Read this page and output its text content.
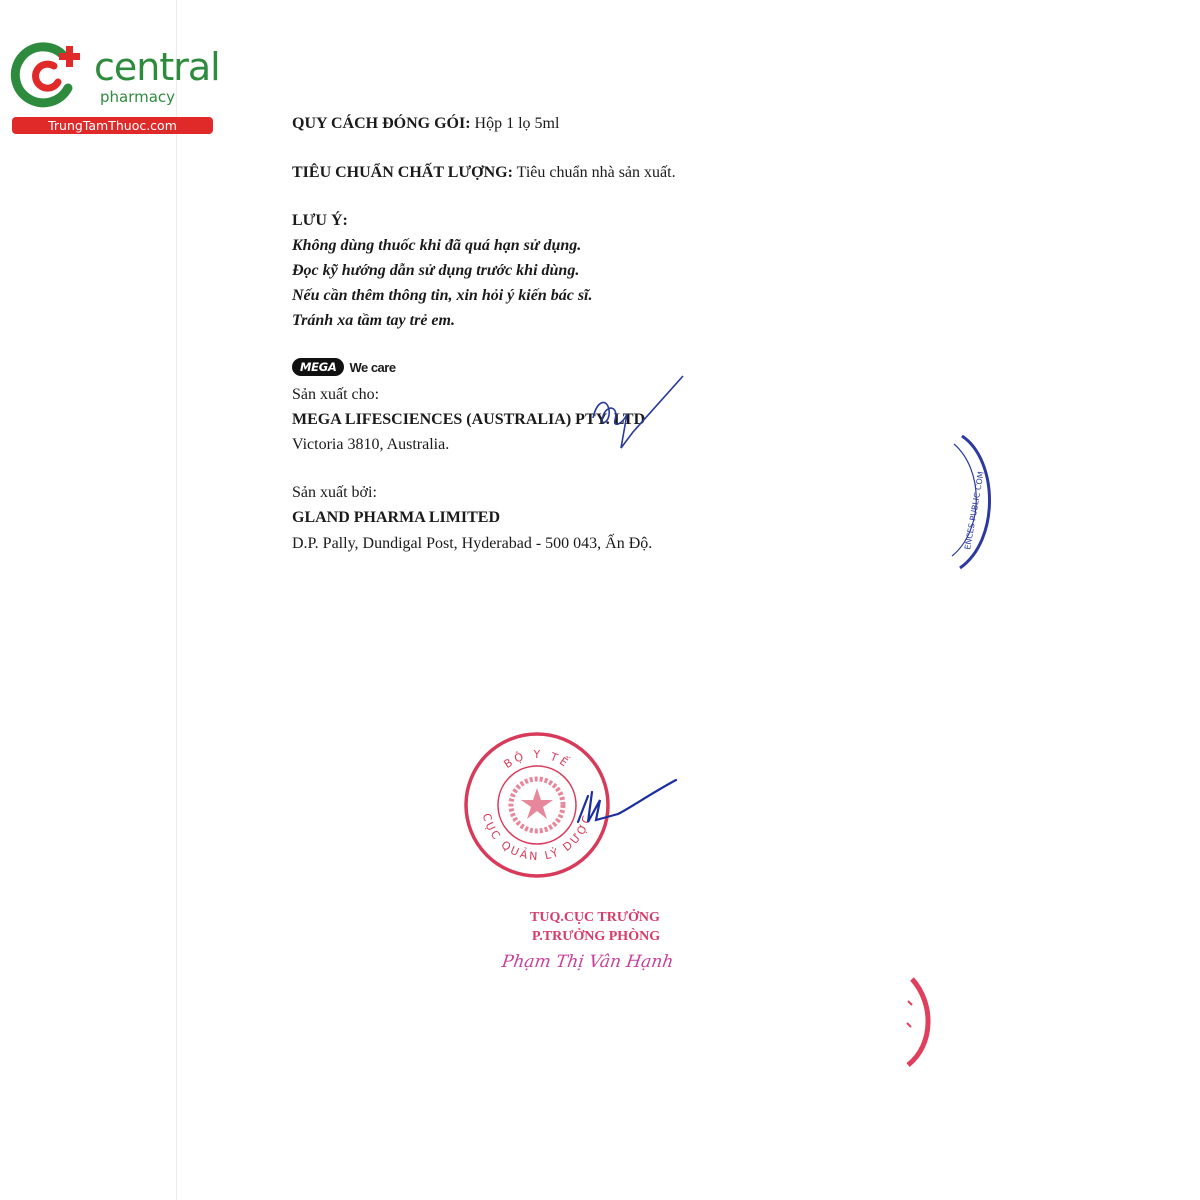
central
pharmacy
TrungTamThuoc.com	QUY CÁCH ĐÓNG GÓI: Hộp 1 lọ 5ml
TIÊU CHUẨN CHẤT LƯỢNG: Tiêu chuẩn nhà sản xuất.
LƯU Ý:
Không dùng thuốc khi đã quá hạn sử dụng.
Đọc kỹ hướng dẫn sử dụng trước khi dùng.
Nếu cần thêm thông tin, xin hỏi ý kiến bác sĩ.
Tránh xa tầm tay trẻ em.
MEGA	We care
Sản xuất cho:
MEGA LIFESCIENCES (AUSTRALIA) PTY. LTD
Victoria 3810, Australia.
Sản xuất bởi:
GLAND PHARMA LIMITED
D.P. Pally, Dundigal Post, Hyderabad - 500 043, Ấn Độ.	ENCES PUBLIC COM
BỘ Y TẾ
CỤC QUẢN LÝ DƯỢC
TUQ.CỤC TRƯỞNG
P.TRƯỞNG PHÒNG
Phạm Thị Vân Hạnh
